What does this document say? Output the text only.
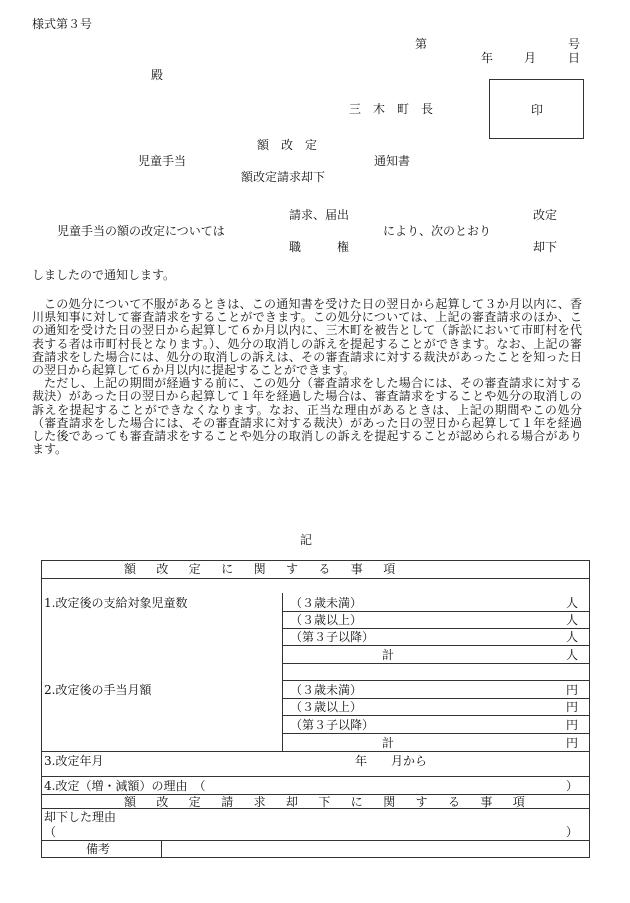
様式第３号
第	号
年	月	日
殿
三　木　町　長	印
額　改　定
児童手当	通知書
額改定請求却下
請求、届出	改定
児童手当の額の改定については	により、次のとおり
職　　　権	却下
しましたので通知します。

この処分について不服があるときは、この通知書を受けた日の翌日から起算して３か月以内に、香川県知事に対して審査請求をすることができます。この処分については、上記の審査請求のほか、この通知を受けた日の翌日から起算して６か月以内に、三木町を被告として（訴訟において市町村を代表する者は市町村長となります。）、処分の取消しの訴えを提起することができます。なお、上記の審査請求をした場合には、処分の取消しの訴えは、その審査請求に対する裁決があったことを知った日の翌日から起算して６か月以内に提起することができます。

ただし、上記の期間が経過する前に、この処分（審査請求をした場合には、その審査請求に対する裁決）があった日の翌日から起算して１年を経過した場合は、審査請求をすることや処分の取消しの訴えを提起することができなくなります。なお、正当な理由があるときは、上記の期間やこの処分（審査請求をした場合には、その審査請求に対する裁決）があった日の翌日から起算して１年を経過した後であっても審査請求をすることや処分の取消しの訴えを提起することが認められる場合があります。

記
額　改　定　に　関　す　る　事　項
1.改定後の支給対象児童数	（３歳未満）	人
（３歳以上）	人
（第３子以降）	人
計	人
2.改定後の手当月額	（３歳未満）	円
（３歳以上）	円
（第３子以降）	円
計	円
3.改定年月	年　　月から
4.改定（増・減額）の理由　（	）
額　改　定　請　求　却　下　に　関　す　る　事　項
却下した理由
（	）
備考
